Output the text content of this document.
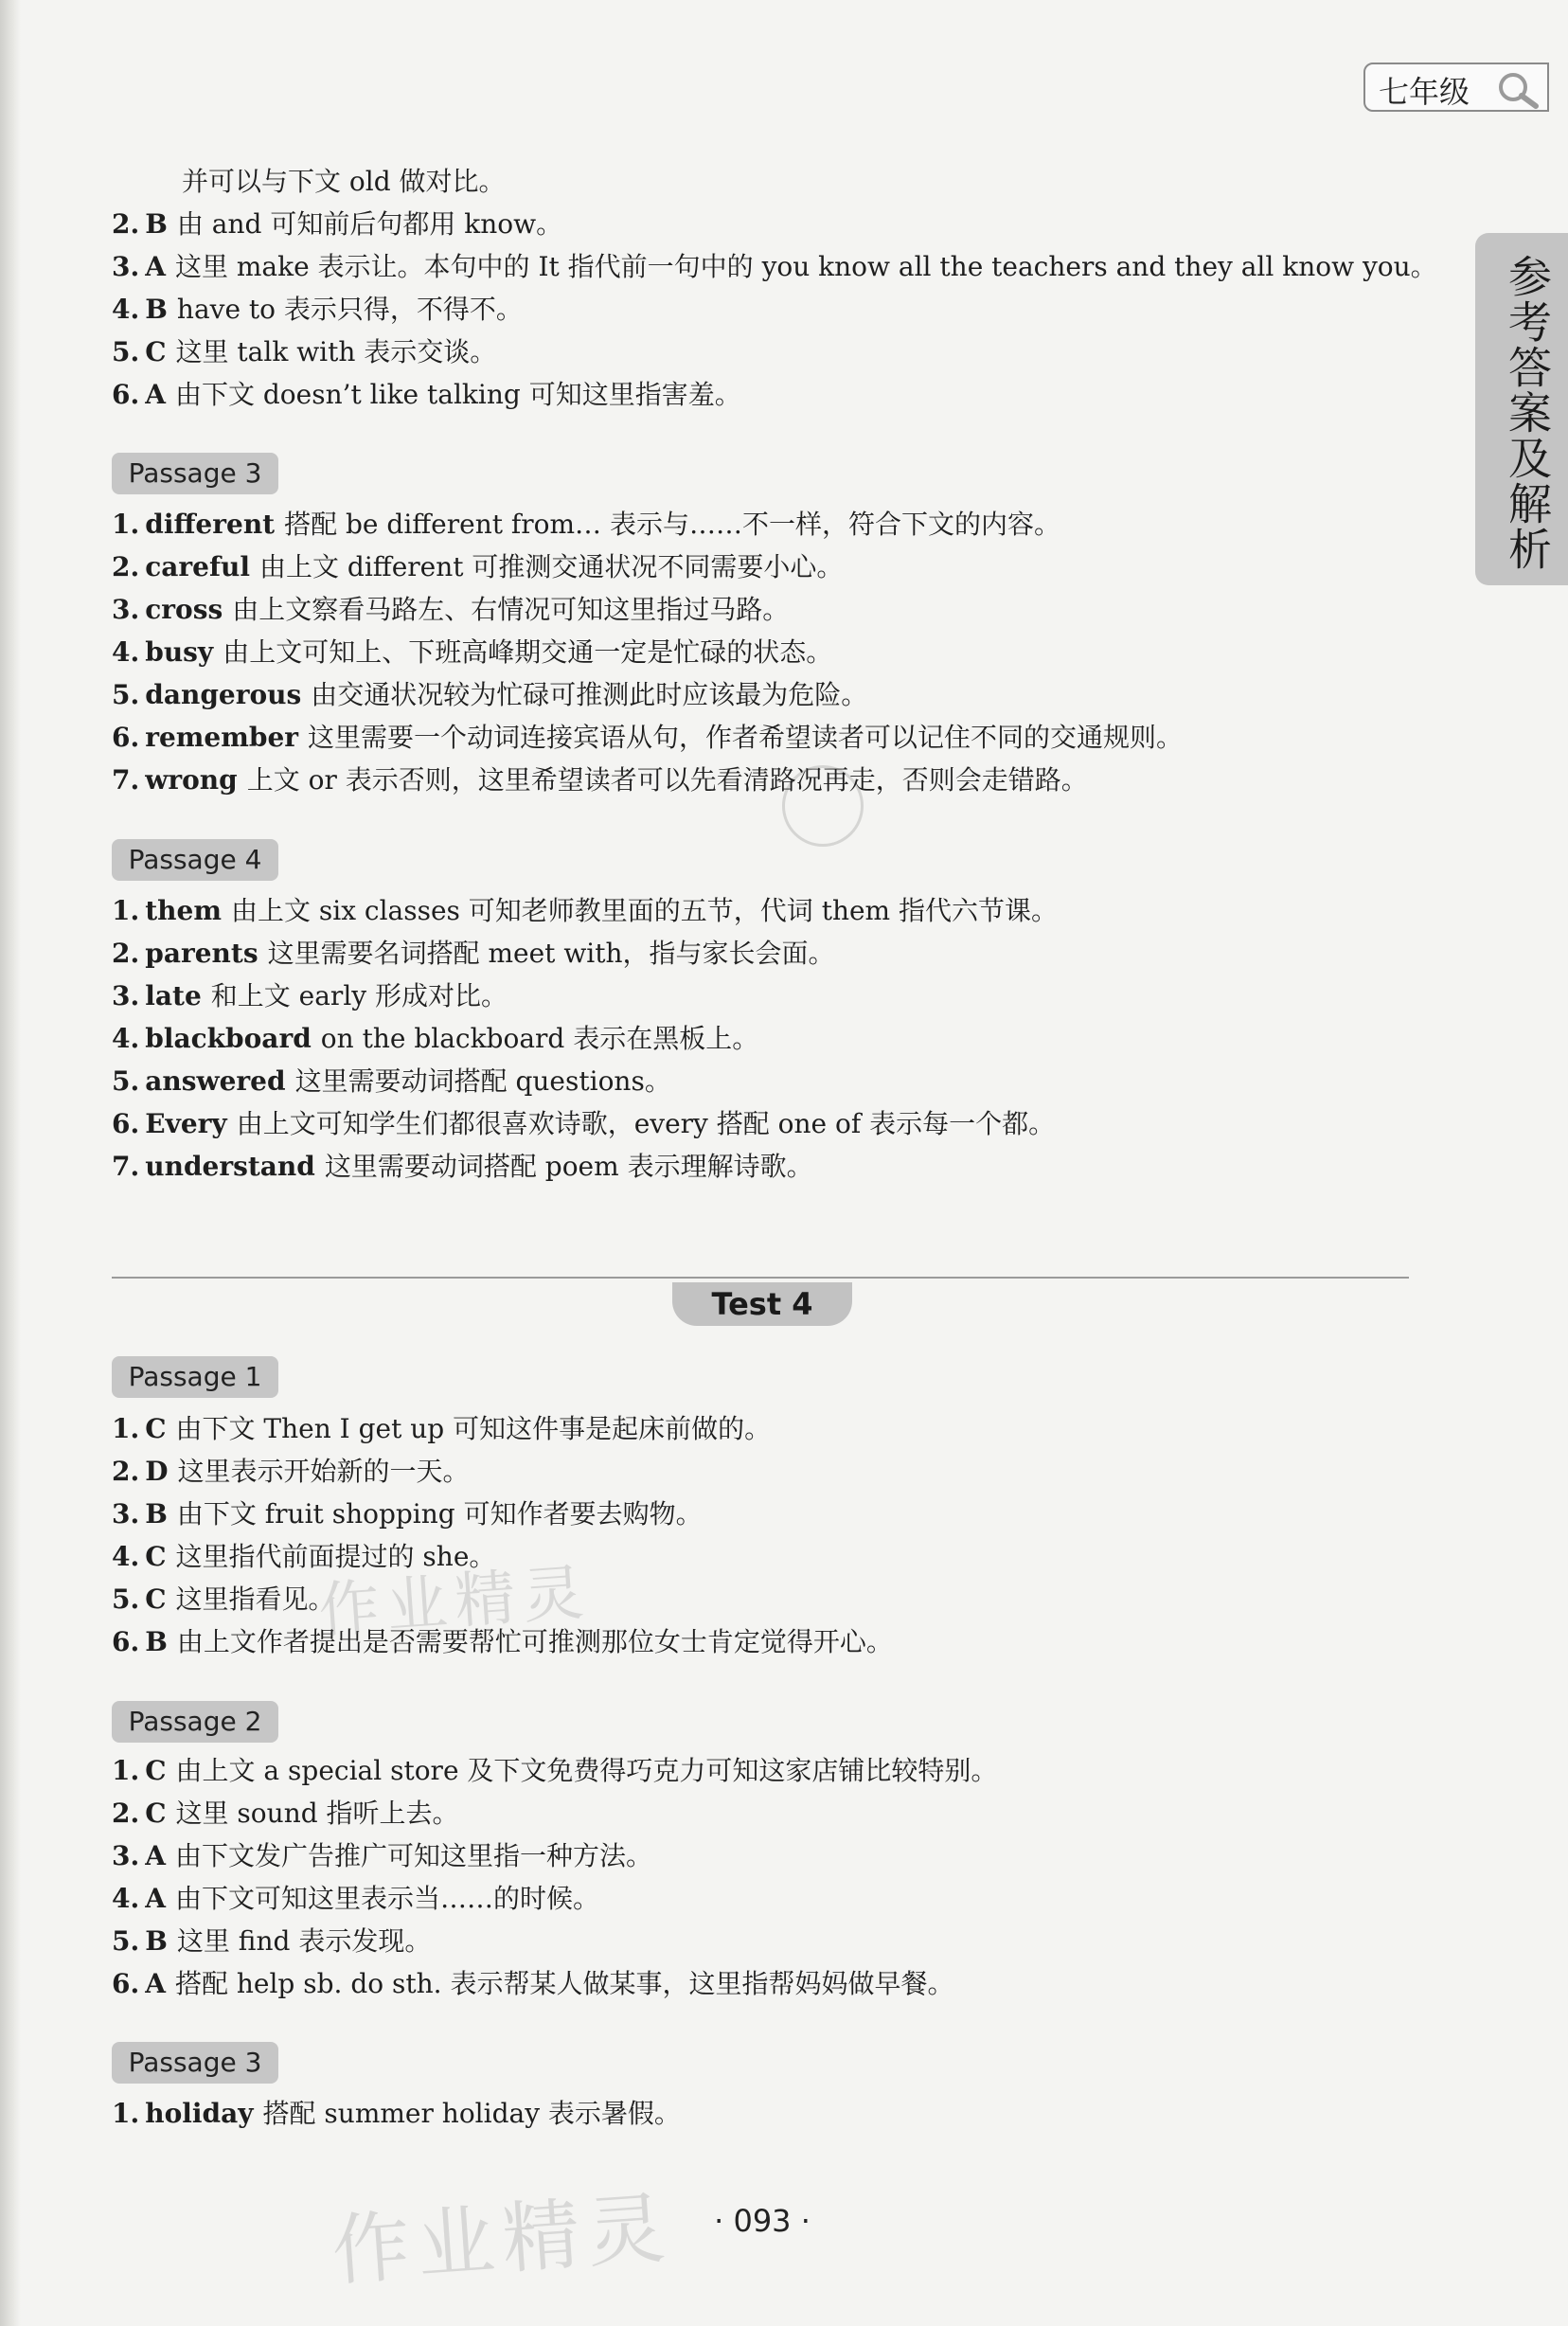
七年级
参考答案及解析
并可以与下文 old 做对比。
2. B 由 and 可知前后句都用 know。
3. A 这里 make 表示让。本句中的 It 指代前一句中的 you know all the teachers and they all know you。
4. B have to 表示只得，不得不。
5. C 这里 talk with 表示交谈。
6. A 由下文 doesn’t like talking 可知这里指害羞。
Passage 3
1. different 搭配 be different from… 表示与……不一样，符合下文的内容。
2. careful 由上文 different 可推测交通状况不同需要小心。
3. cross 由上文察看马路左、右情况可知这里指过马路。
4. busy 由上文可知上、下班高峰期交通一定是忙碌的状态。
5. dangerous 由交通状况较为忙碌可推测此时应该最为危险。
6. remember 这里需要一个动词连接宾语从句，作者希望读者可以记住不同的交通规则。
7. wrong 上文 or 表示否则，这里希望读者可以先看清路况再走，否则会走错路。
Passage 4
1. them 由上文 six classes 可知老师教里面的五节，代词 them 指代六节课。
2. parents 这里需要名词搭配 meet with，指与家长会面。
3. late 和上文 early 形成对比。
4. blackboard on the blackboard 表示在黑板上。
5. answered 这里需要动词搭配 questions。
6. Every 由上文可知学生们都很喜欢诗歌，every 搭配 one of 表示每一个都。
7. understand 这里需要动词搭配 poem 表示理解诗歌。
Test 4
Passage 1
1. C 由下文 Then I get up 可知这件事是起床前做的。
2. D 这里表示开始新的一天。
3. B 由下文 fruit shopping 可知作者要去购物。
4. C 这里指代前面提过的 she。
5. C 这里指看见。
6. B 由上文作者提出是否需要帮忙可推测那位女士肯定觉得开心。
Passage 2
1. C 由上文 a special store 及下文免费得巧克力可知这家店铺比较特别。
2. C 这里 sound 指听上去。
3. A 由下文发广告推广可知这里指一种方法。
4. A 由下文可知这里表示当……的时候。
5. B 这里 find 表示发现。
6. A 搭配 help sb. do sth. 表示帮某人做某事，这里指帮妈妈做早餐。
Passage 3
1. holiday 搭配 summer holiday 表示暑假。
作业精灵
作业精灵	· 093 ·
